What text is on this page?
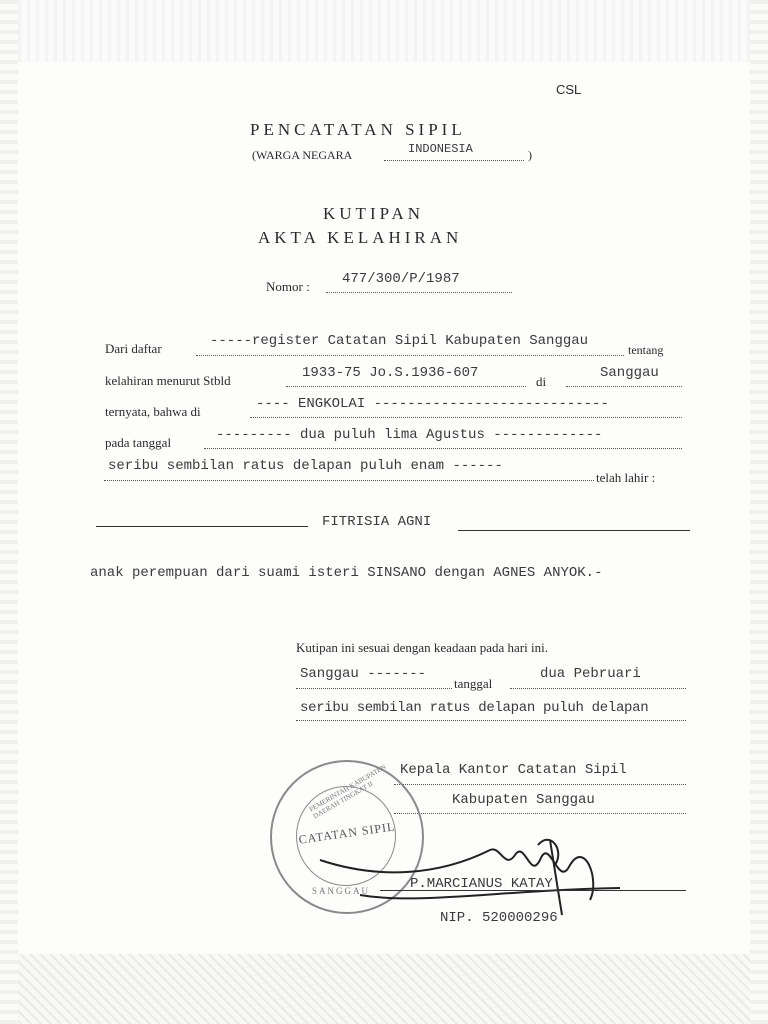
CSL
PENCATATAN SIPIL
(WARGA NEGARA	INDONESIA	)
KUTIPAN
AKTA KELAHIRAN
Nomor : 477/300/P/1987
Dari daftar	-----register Catatan Sipil Kabupaten Sanggau
tentang
kelahiran menurut Stbld	1933-75 Jo.S.1936-607
di
Sanggau
ternyata, bahwa di	---- ENGKOLAI ----------------------------
pada tanggal	--------- dua puluh lima Agustus -------------
seribu sembilan ratus delapan puluh enam ------
telah lahir :
FITRISIA AGNI
anak perempuan dari suami isteri SINSANO dengan AGNES ANYOK.-
Kutipan ini sesuai dengan keadaan pada hari ini.
Sanggau -------
tanggal
dua Pebruari
seribu sembilan ratus delapan puluh delapan
Kepala Kantor Catatan Sipil
Kabupaten Sanggau
PEMERINTAH KABUPATEN DAERAH TINGKAT II
CATATAN SIPIL
SANGGAU	P.MARCIANUS KATAY.
NIP. 520000296
